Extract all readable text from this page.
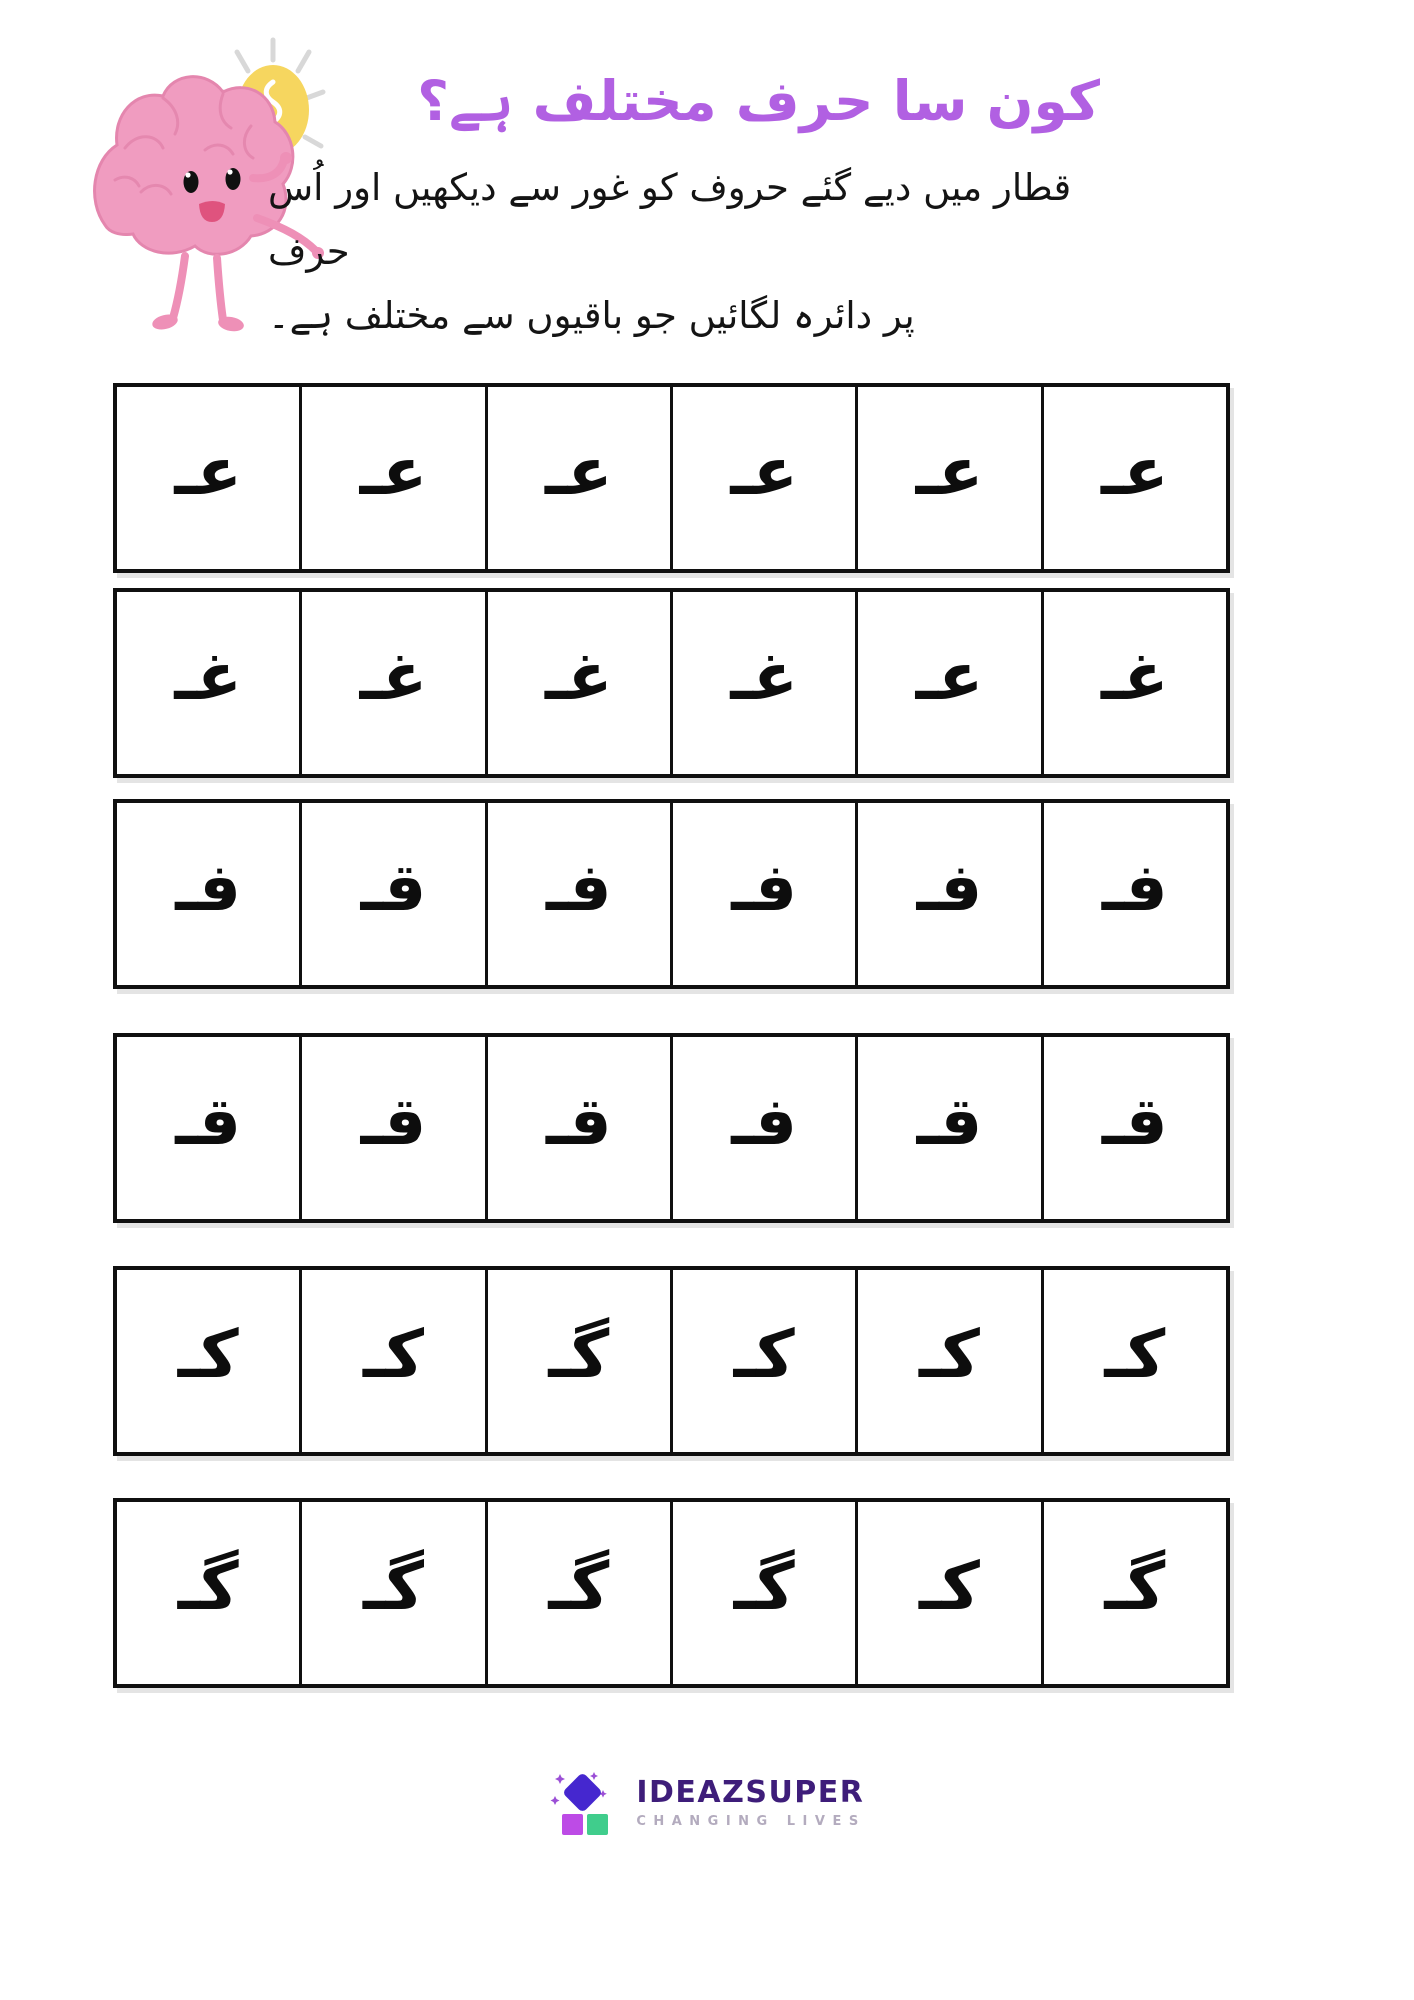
کون سا حرف مختلف ہے؟
قطار میں دیے گئے حروف کو غور سے دیکھیں اور اُس حرف
پر دائرہ لگائیں جو باقیوں سے مختلف ہے۔
عـ	عـ	عـ	عـ	عـ	عـ
غـ	غـ	غـ	غـ	عـ	غـ
فـ	قـ	فـ	فـ	فـ	فـ
قـ	قـ	قـ	فـ	قـ	قـ
کـ	کـ	گـ	کـ	کـ	کـ
گـ	گـ	گـ	گـ	کـ	گـ
IDEAZSUPER
CHANGING LIVES
